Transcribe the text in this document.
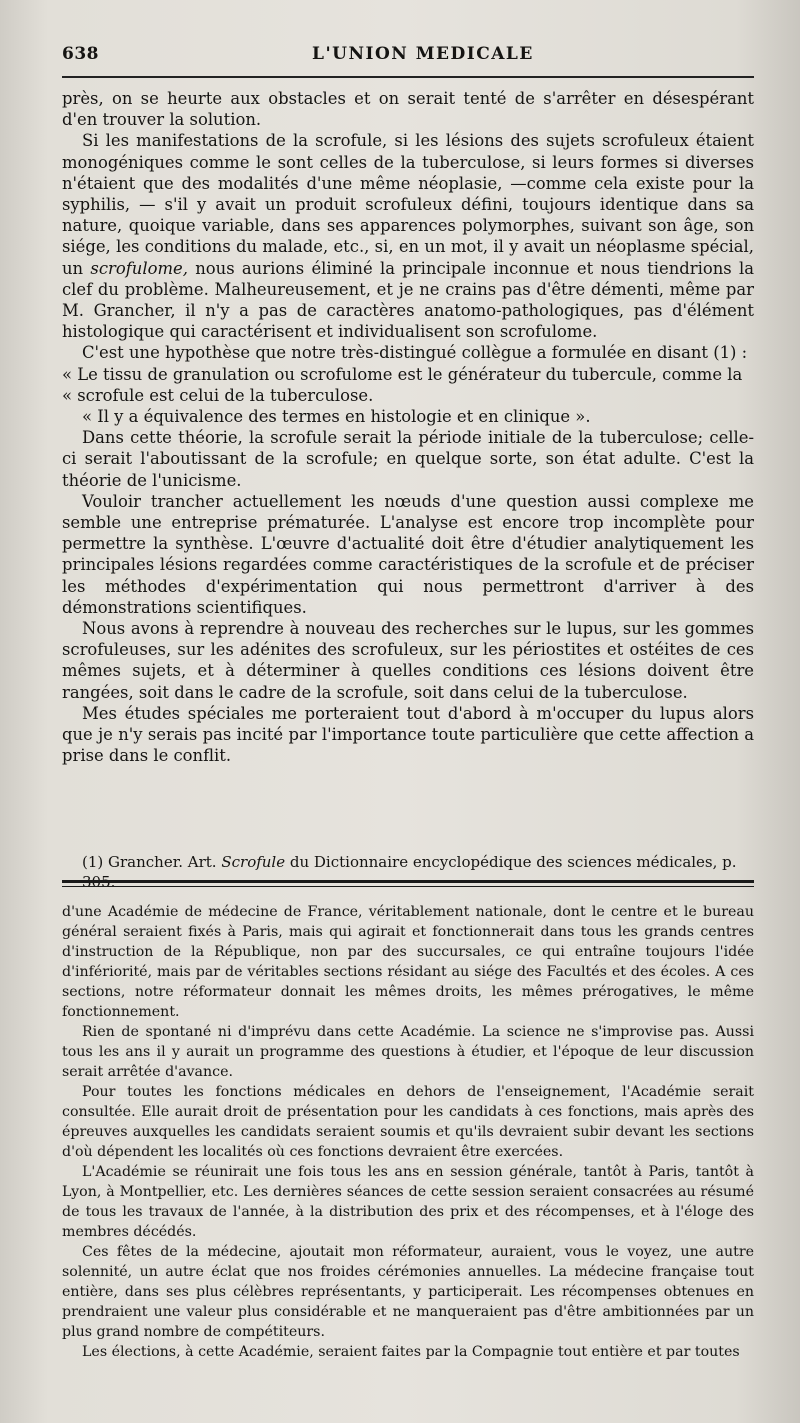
638	L'UNION MEDICALE

près, on se heurte aux obstacles et on serait tenté de s'arrêter en désespérant d'en trouver la solution.

Si les manifestations de la scrofule, si les lésions des sujets scrofuleux étaient monogéniques comme le sont celles de la tuberculose, si leurs formes si diverses n'étaient que des modalités d'une même néoplasie, —comme cela existe pour la syphilis, — s'il y avait un produit scrofuleux défini, toujours identique dans sa nature, quoique variable, dans ses apparences polymorphes, suivant son âge, son siége, les conditions du malade, etc., si, en un mot, il y avait un néoplasme spécial, un scrofulome, nous aurions éliminé la principale inconnue et nous tiendrions la clef du problème. Malheureusement, et je ne crains pas d'être démenti, même par M. Grancher, il n'y a pas de caractères anatomo-pathologiques, pas d'élément histologique qui caractérisent et individualisent son scrofulome.

C'est une hypothèse que notre très-distingué collègue a formulée en disant (1) :

« Le tissu de granulation ou scrofulome est le générateur du tubercule, comme la

« scrofule est celui de la tuberculose.

« Il y a équivalence des termes en histologie et en clinique ».

Dans cette théorie, la scrofule serait la période initiale de la tuberculose; celle-ci serait l'aboutissant de la scrofule; en quelque sorte, son état adulte. C'est la théorie de l'unicisme.

Vouloir trancher actuellement les nœuds d'une question aussi complexe me semble une entreprise prématurée. L'analyse est encore trop incomplète pour permettre la synthèse. L'œuvre d'actualité doit être d'étudier analytiquement les principales lésions regardées comme caractéristiques de la scrofule et de préciser les méthodes d'expérimentation qui nous permettront d'arriver à des démonstrations scientifiques.

Nous avons à reprendre à nouveau des recherches sur le lupus, sur les gommes scrofuleuses, sur les adénites des scrofuleux, sur les périostites et ostéites de ces mêmes sujets, et à déterminer à quelles conditions ces lésions doivent être rangées, soit dans le cadre de la scrofule, soit dans celui de la tuberculose.

Mes études spéciales me porteraient tout d'abord à m'occuper du lupus alors que je n'y serais pas incité par l'importance toute particulière que cette affection a prise dans le conflit.

(1) Grancher. Art. Scrofule du Dictionnaire encyclopédique des sciences médicales, p.

d'une Académie de médecine de France, véritablement nationale, dont le centre et le bureau général seraient fixés à Paris, mais qui agirait et fonctionnerait dans tous les grands centres d'instruction de la République, non par des succursales, ce qui entraîne toujours l'idée d'infériorité, mais par de véritables sections résidant au siége des Facultés et des écoles. A ces sections, notre réformateur donnait les mêmes droits, les mêmes prérogatives, le même fonctionnement.

Rien de spontané ni d'imprévu dans cette Académie. La science ne s'improvise pas. Aussi tous les ans il y aurait un programme des questions à étudier, et l'époque de leur discussion serait arrêtée d'avance.

Pour toutes les fonctions médicales en dehors de l'enseignement, l'Académie serait consultée. Elle aurait droit de présentation pour les candidats à ces fonctions, mais après des épreuves auxquelles les candidats seraient soumis et qu'ils devraient subir devant les sections d'où dépendent les localités où ces fonctions devraient être exercées.

L'Académie se réunirait une fois tous les ans en session générale, tantôt à Paris, tantôt à Lyon, à Montpellier, etc. Les dernières séances de cette session seraient consacrées au résumé de tous les travaux de l'année, à la distribution des prix et des récompenses, et à l'éloge des membres décédés.

Ces fêtes de la médecine, ajoutait mon réformateur, auraient, vous le voyez, une autre solennité, un autre éclat que nos froides cérémonies annuelles. La médecine française tout entière, dans ses plus célèbres représentants, y participerait. Les récompenses obtenues en prendraient une valeur plus considérable et ne manqueraient pas d'être ambitionnées par un plus grand nombre de compétiteurs.

Les élections, à cette Académie, seraient faites par la Compagnie tout entière et par toutes
